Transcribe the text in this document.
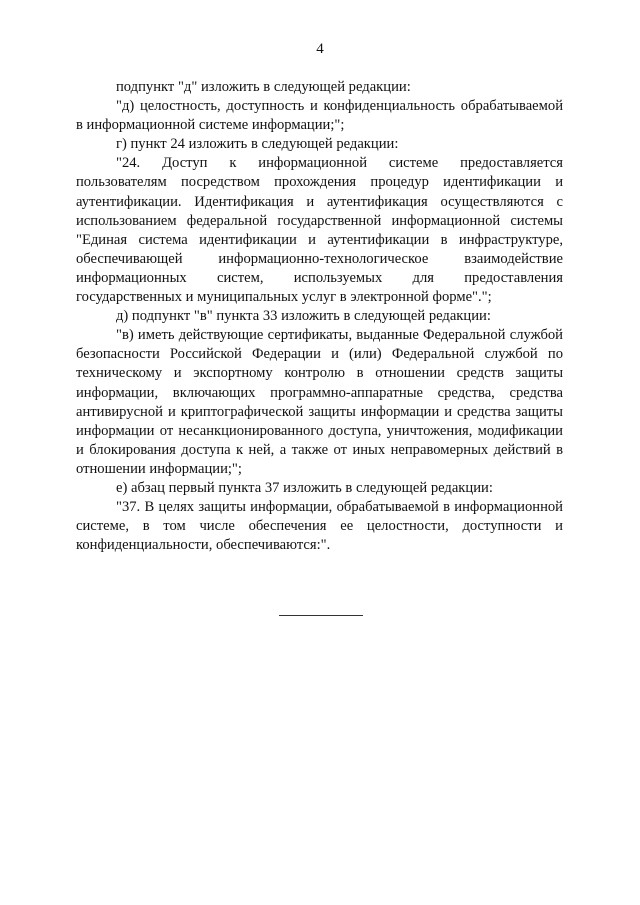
4

подпункт "д" изложить в следующей редакции:

"д) целостность, доступность и конфиденциальность обрабатываемой в информационной системе информации;";

г) пункт 24 изложить в следующей редакции:

"24. Доступ к информационной системе предоставляется пользователям посредством прохождения процедур идентификации и аутентификации. Идентификация и аутентификация осуществляются с использованием федеральной государственной информационной системы "Единая система идентификации и аутентификации в инфраструктуре, обеспечивающей информационно-технологическое взаимодействие информационных систем, используемых для предоставления государственных и муниципальных услуг в электронной форме".";

д) подпункт "в" пункта 33 изложить в следующей редакции:

"в) иметь действующие сертификаты, выданные Федеральной службой безопасности Российской Федерации и (или) Федеральной службой по техническому и экспортному контролю в отношении средств защиты информации, включающих программно-аппаратные средства, средства антивирусной и криптографической защиты информации и средства защиты информации от несанкционированного доступа, уничтожения, модификации и блокирования доступа к ней, а также от иных неправомерных действий в отношении информации;";

е) абзац первый пункта 37 изложить в следующей редакции:

"37. В целях защиты информации, обрабатываемой в информационной системе, в том числе обеспечения ее целостности, доступности и конфиденциальности, обеспечиваются:".
